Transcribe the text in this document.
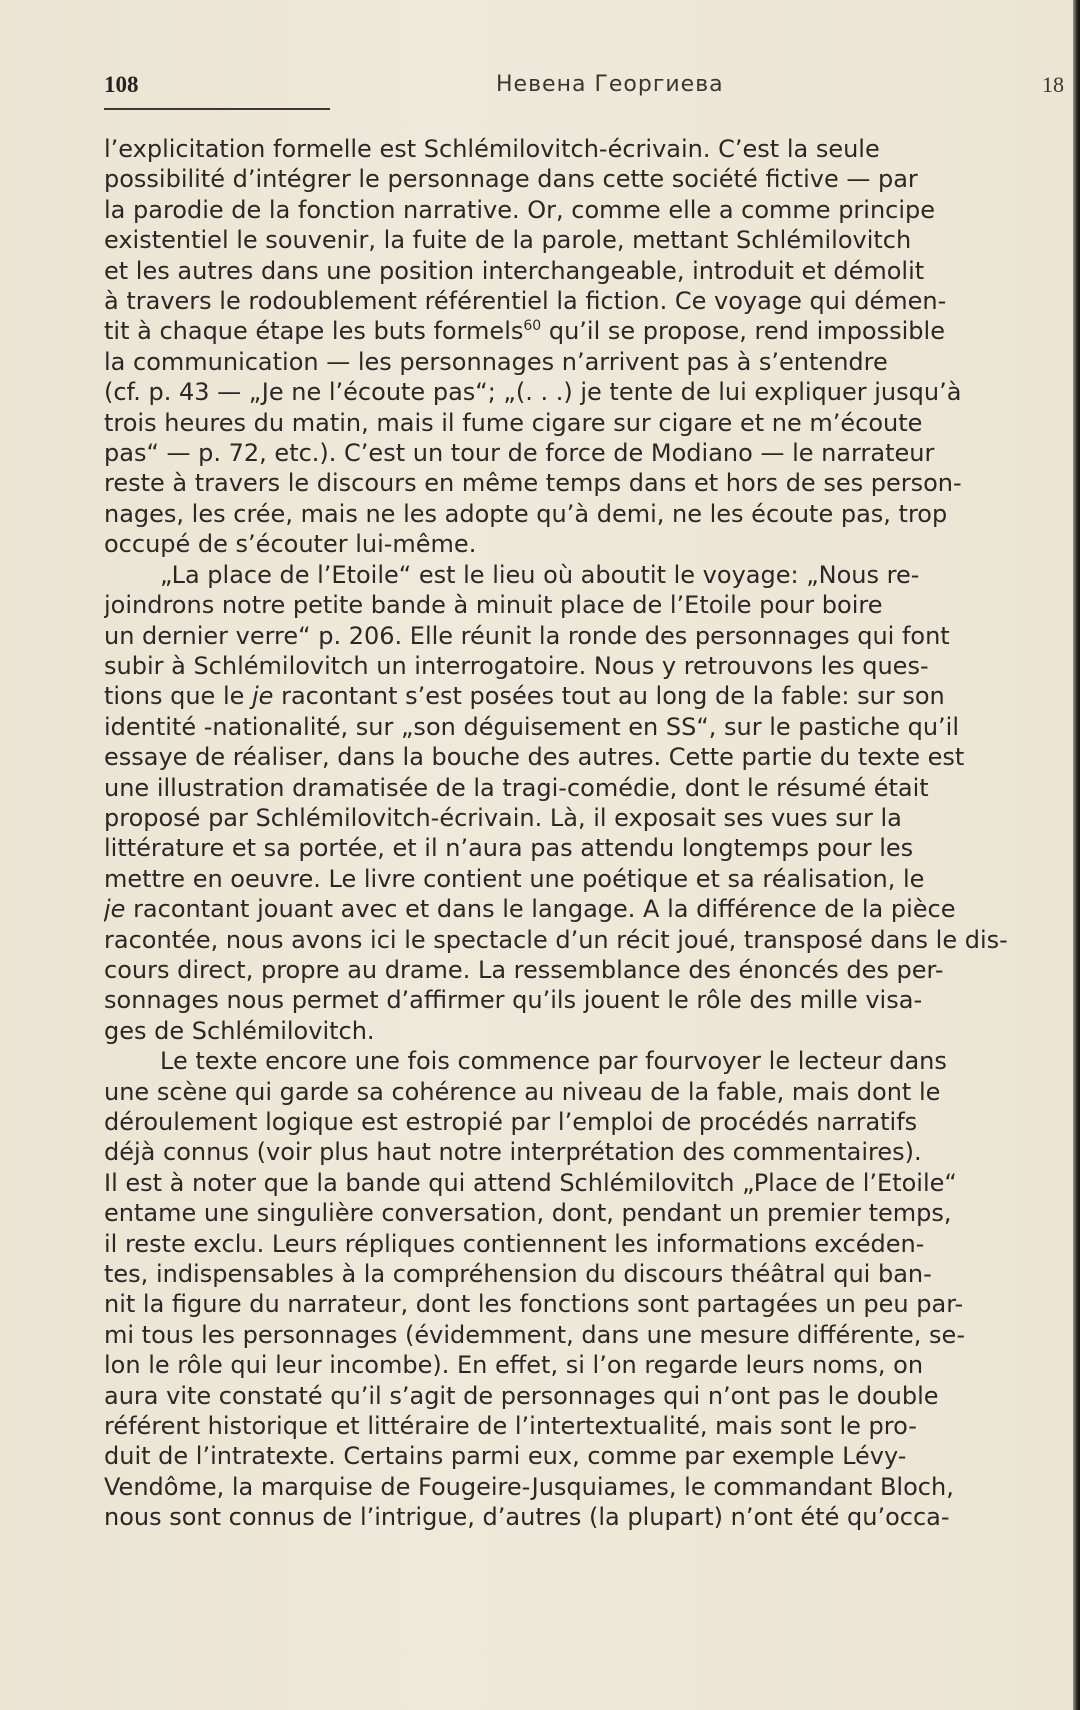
108	Невена Георгиева	18
l’explicitation formelle est Schlémilovitch-écrivain. C’est la seule
possibilité d’intégrer le personnage dans cette société fictive — par
la parodie de la fonction narrative. Or, comme elle a comme principe
existentiel le souvenir, la fuite de la parole, mettant Schlémilovitch
et les autres dans une position interchangeable, introduit et démolit
à travers le rodoublement référentiel la fiction. Ce voyage qui démen-
tit à chaque étape les buts formels$^{60}$ qu’il se propose, rend impossible
la communication — les personnages n’arrivent pas à s’entendre
(cf. p. 43 — „Je ne l’écoute pas“; „(. . .) je tente de lui expliquer jusqu’à
trois heures du matin, mais il fume cigare sur cigare et ne m’écoute
pas“ — p. 72, etc.). C’est un tour de force de Modiano — le narrateur
reste à travers le discours en même temps dans et hors de ses person-
nages, les crée, mais ne les adopte qu’à demi, ne les écoute pas, trop
occupé de s’écouter lui-même.
„La place de l’Etoile“ est le lieu où aboutit le voyage: „Nous re-
joindrons notre petite bande à minuit place de l’Etoile pour boire
un dernier verre“ p. 206. Elle réunit la ronde des personnages qui font
subir à Schlémilovitch un interrogatoire. Nous y retrouvons les ques-
tions que le je racontant s’est posées tout au long de la fable: sur son
identité -nationalité, sur „son déguisement en SS“, sur le pastiche qu’il
essaye de réaliser, dans la bouche des autres. Cette partie du texte est
une illustration dramatisée de la tragi-comédie, dont le résumé était
proposé par Schlémilovitch-écrivain. Là, il exposait ses vues sur la
littérature et sa portée, et il n’aura pas attendu longtemps pour les
mettre en oeuvre. Le livre contient une poétique et sa réalisation, le
je racontant jouant avec et dans le langage. A la différence de la pièce
racontée, nous avons ici le spectacle d’un récit joué, transposé dans le dis-
cours direct, propre au drame. La ressemblance des énoncés des per-
sonnages nous permet d’affirmer qu’ils jouent le rôle des mille visa-
ges de Schlémilovitch.
Le texte encore une fois commence par fourvoyer le lecteur dans
une scène qui garde sa cohérence au niveau de la fable, mais dont le
déroulement logique est estropié par l’emploi de procédés narratifs
déjà connus (voir plus haut notre interprétation des commentaires).
Il est à noter que la bande qui attend Schlémilovitch „Place de l’Etoile“
entame une singulière conversation, dont, pendant un premier temps,
il reste exclu. Leurs répliques contiennent les informations excéden-
tes, indispensables à la compréhension du discours théâtral qui ban-
nit la figure du narrateur, dont les fonctions sont partagées un peu par-
mi tous les personnages (évidemment, dans une mesure différente, se-
lon le rôle qui leur incombe). En effet, si l’on regarde leurs noms, on
aura vite constaté qu’il s’agit de personnages qui n’ont pas le double
référent historique et littéraire de l’intertextualité, mais sont le pro-
duit de l’intratexte. Certains parmi eux, comme par exemple Lévy-
Vendôme, la marquise de Fougeire-Jusquiames, le commandant Bloch,
nous sont connus de l’intrigue, d’autres (la plupart) n’ont été qu’occa-
